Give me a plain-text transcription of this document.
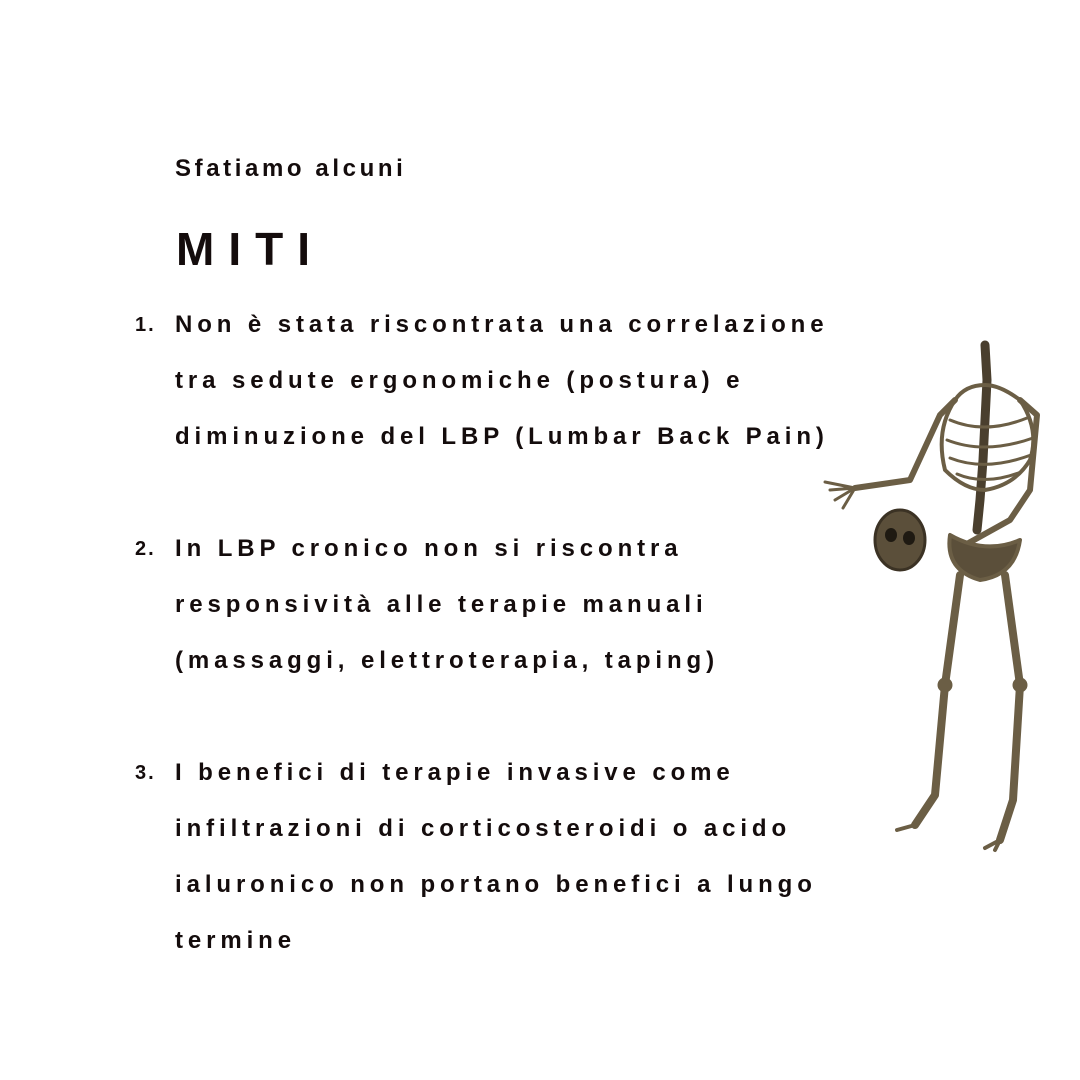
Sfatiamo alcuni
MITI
1. Non è stata riscontrata una correlazione
tra sedute ergonomiche (postura) e
diminuzione del LBP (Lumbar Back Pain)
2. In LBP cronico non si riscontra
responsività alle terapie manuali
(massaggi, elettroterapia, taping)
3. I benefici di terapie invasive come
infiltrazioni di corticosteroidi o acido
ialuronico non portano benefici a lungo
termine
